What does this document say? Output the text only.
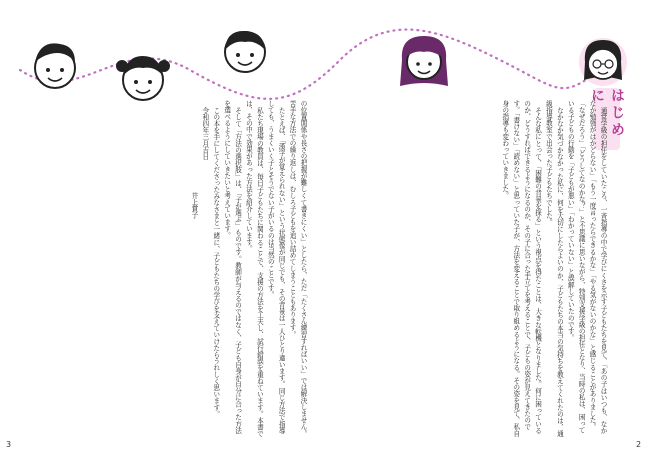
はじめに

通常学級の担任をしていたころ、一斉指導の中で学びにくさを示す子どもたちを見て、「あの子はいつも、なかなか勉強がはかどらない」「もう一度言ったらできるかな」「やる気がないのかな」と感じることがありました。「なぜだろう」「どうしてなのかな？」と不思議に思いながら、特別支援学級の担任となり、当時の私は、困っている子どもの行動を「子どもが悪い」「わかっていない」と誤解していたのです。

なかなか気づかなかった私に、何を大切にしたらよいのか、子どもたちの本当の気持ちを教えてくれたのは、通級指導教室で出会った子どもたちでした。

そんな私にとって、「困難の背景を探る」という視点を得たことは、大きな転機となりました。何に困っているのか、どうすればできるようになるのか、その子に合った手立てを考えることで、子どもの姿が見えてきたのです。「書けない」「読めない」と思っていた子が、方法を変えることで取り組めるようになる。その姿を見て、私自身の指導も変わっていきました。

の位置関係や長さの把握が難しくて書きにくい」としたら、ただ「たくさん練習すればいい」では解決しません。苦手な方法での繰り返しは、むしろ子どもを追い詰めてしまうこともあります。

たとえば、「漢字が覚えられない」という状態像が同じでも、その背景は一人ひとり違います。同じ方法で指導しても、うまくいく子とそうでない子がいるのは当然のことです。

私たち現場の教員は、毎日子どもたちに関わることで、支援の方法を工夫し、試行錯誤を重ねています。本書では、その中で効果があった方法を紹介しています。

そして「方法の選択肢」は、「子が選ぶ」ものです。教師が与えるのではなく、子ども自身が自分に合った方法を選べるようにしていきたいと考えています。

この本を手にしてくださったみなさまと一緒に、子どもたちの学びを支えていけたらうれしく思います。

令和四年三月吉日

井上賞子

3	2
